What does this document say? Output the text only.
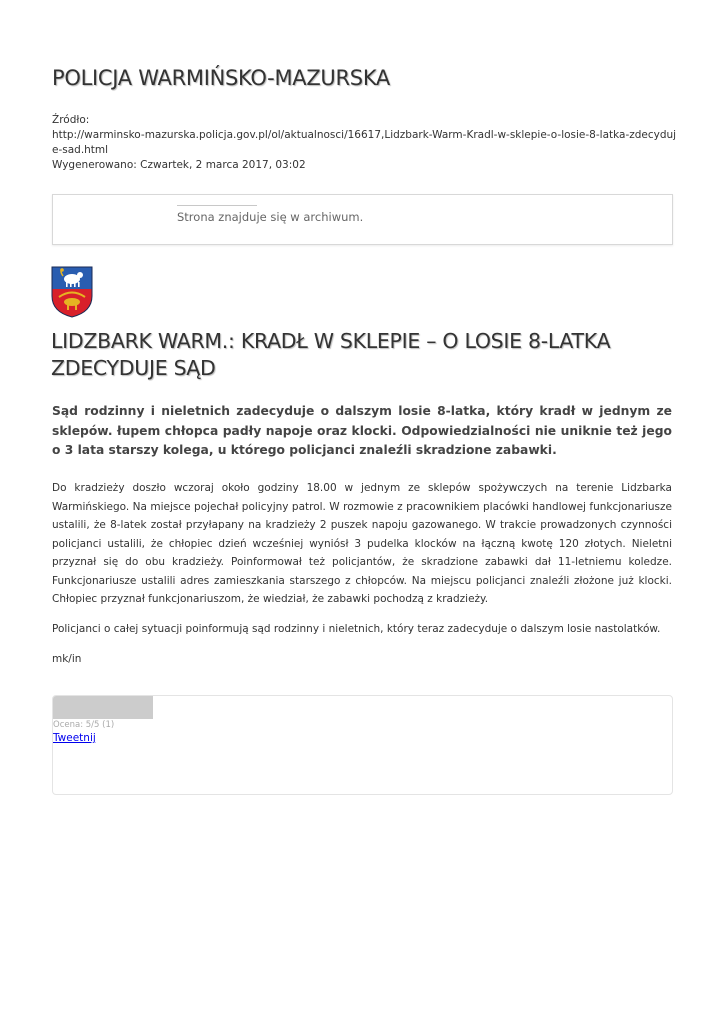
POLICJA WARMIŃSKO-MAZURSKA
Źródło:
http://warminsko-mazurska.policja.gov.pl/ol/aktualnosci/16617,Lidzbark-Warm-Kradl-w-sklepie-o-losie-8-latka-zdecyduje-sad.html
Wygenerowano: Czwartek, 2 marca 2017, 03:02
Strona znajduje się w archiwum.
LIDZBARK WARM.: KRADŁ W SKLEPIE – O LOSIE 8-LATKA ZDECYDUJE SĄD

Sąd rodzinny i nieletnich zadecyduje o dalszym losie 8-latka, który kradł w jednym ze sklepów. łupem chłopca padły napoje oraz klocki. Odpowiedzialności nie uniknie też jego o 3 lata starszy kolega, u którego policjanci znaleźli skradzione zabawki.

Do kradzieży doszło wczoraj około godziny 18.00 w jednym ze sklepów spożywczych na terenie Lidzbarka Warmińskiego. Na miejsce pojechał policyjny patrol. W rozmowie z pracownikiem placówki handlowej funkcjonariusze ustalili, że 8-latek został przyłapany na kradzieży 2 puszek napoju gazowanego. W trakcie prowadzonych czynności policjanci ustalili, że chłopiec dzień wcześniej wyniósł 3 pudelka klocków na łączną kwotę 120 złotych. Nieletni przyznał się do obu kradzieży. Poinformował też policjantów, że skradzione zabawki dał 11-letniemu koledze. Funkcjonariusze ustalili adres zamieszkania starszego z chłopców. Na miejscu policjanci znaleźli złożone już klocki. Chłopiec przyznał funkcjonariuszom, że wiedział, że zabawki pochodzą z kradzieży.

Policjanci o całej sytuacji poinformują sąd rodzinny i nieletnich, który teraz zadecyduje o dalszym losie nastolatków.

mk/in

Ocena: 5/5 (1)
Tweetnij
